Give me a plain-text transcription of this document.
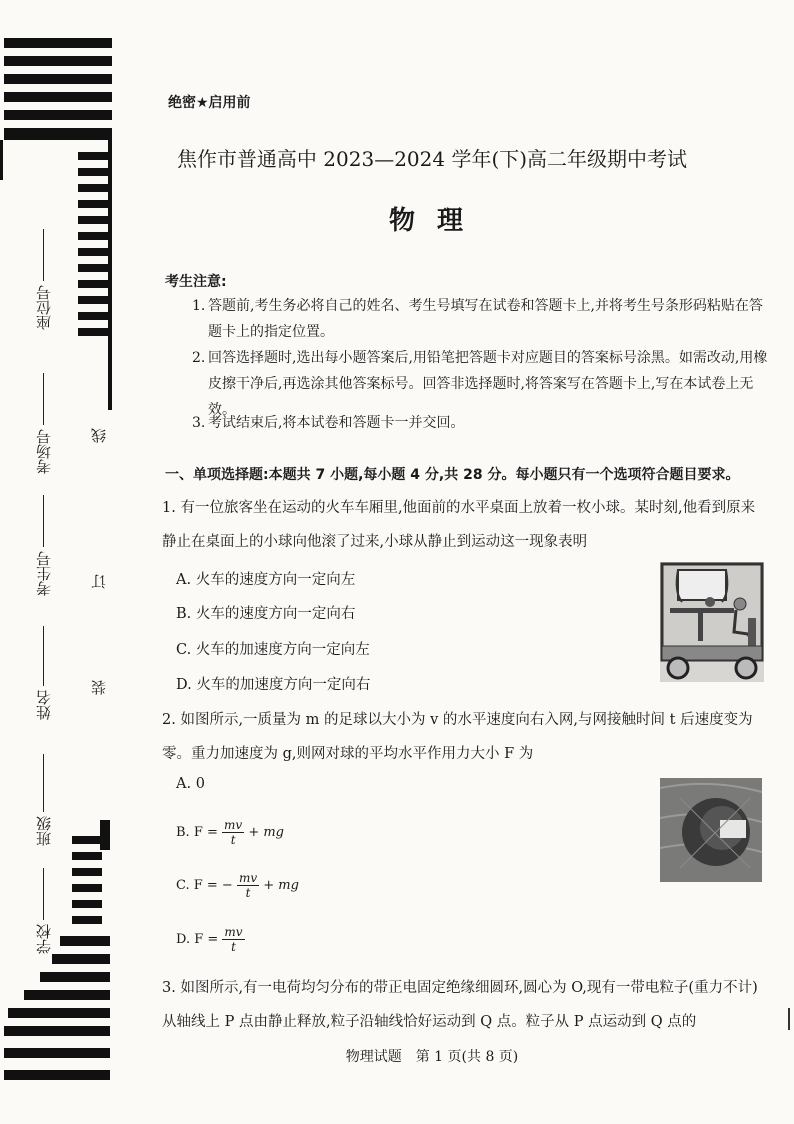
座位号
考场号
考生号
姓名
班级
学校
线
订
装
绝密★启用前
焦作市普通高中 2023—2024 学年(下)高二年级期中考试
物理
考生注意:
1. 答题前,考生务必将自己的姓名、考生号填写在试卷和答题卡上,并将考生号条形码粘贴在答题卡上的指定位置。
2. 回答选择题时,选出每小题答案后,用铅笔把答题卡对应题目的答案标号涂黑。如需改动,用橡皮擦干净后,再选涂其他答案标号。回答非选择题时,将答案写在答题卡上,写在本试卷上无效。
3. 考试结束后,将本试卷和答题卡一并交回。
一、单项选择题:本题共 7 小题,每小题 4 分,共 28 分。每小题只有一个选项符合题目要求。
1. 有一位旅客坐在运动的火车车厢里,他面前的水平桌面上放着一枚小球。某时刻,他看到原来静止在桌面上的小球向他滚了过来,小球从静止到运动这一现象表明
A. 火车的速度方向一定向左
B. 火车的速度方向一定向右
C. 火车的加速度方向一定向左
D. 火车的加速度方向一定向右
2. 如图所示,一质量为 m 的足球以大小为 v 的水平速度向右入网,与网接触时间 t 后速度变为零。重力加速度为 g,则网对球的平均水平作用力大小 F 为
A. 0
B. $F = \frac{mv}{t}$ + mg
C. F = − $\frac{mv}{t}$ + mg
D. $F = \frac{mv}{t}$
3. 如图所示,有一电荷均匀分布的带正电固定绝缘细圆环,圆心为 O,现有一带电粒子(重力不计)从轴线上 P 点由静止释放,粒子沿轴线恰好运动到 Q 点。粒子从 P 点运动到 Q 点的
物理试题　第 1 页(共 8 页)
